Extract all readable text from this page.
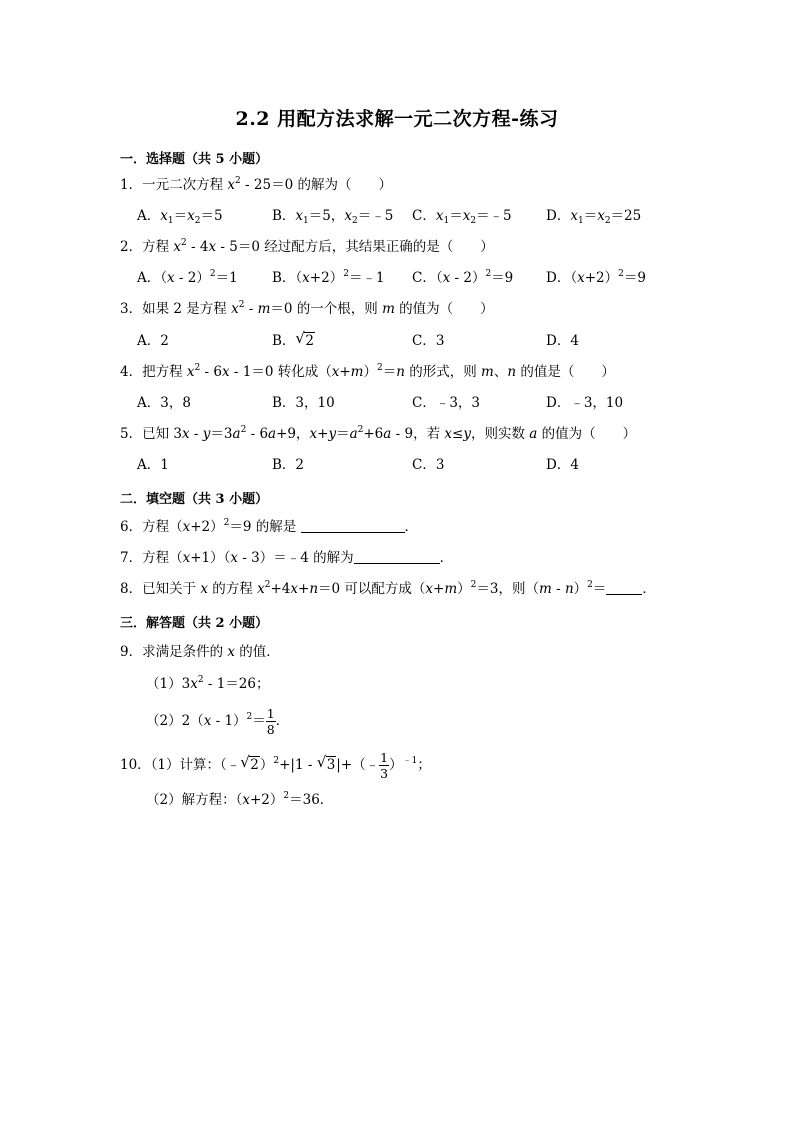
2.2 用配方法求解一元二次方程-练习
一．选择题（共 5 小题）
1．一元二次方程 $x^2 - 25=0$ 的解为（　　）
A．$x_1=x_2=5$	B．$x_1=5$，$x_2=﹣5$ C．$x_1=x_2=﹣5$	D．$x_1=x_2=25$
2．方程 $x^2 - 4x - 5=0$ 经过配方后，其结果正确的是（　　）
A．（x - 2）$^2$＝1	B．$(x+2)^2=﹣1$ C．（x - 2）$^2$＝9 D．$(x+2)^2=9$
3．如果 2 是方程 $x^2 - m=0$ 的一个根，则 m 的值为（　　）
A．2	B． √ 2	C．3	D．4
4．把方程 $x^2 - 6x - 1=0$ 转化成$(x+m)^2=n$ 的形式，则 m、n 的值是（　　）
A．3，8	B．3，10	C．﹣3，3	D．﹣3，10
5．已知 $3x - y=3a^2 - 6a+9$，$x+y=a^2+6a - 9$，若 x≤y，则实数 a 的值为（　　）
A．1	B．2	C．3	D．4
二．填空题（共 3 小题）
6．方程$(x+2)^2=9$ 的解是	．
7．方程（x+1）（x - 3）＝﹣4 的解为	．
8．已知关于 x 的方程 $x^2+4x+n=0$ 可以配方成$(x+m)^2=3$，则（m - n）$^2$＝	．
三．解答题（共 2 小题）
9．求满足条件的 x 的值．
$(1)3x^2 - 1=26$；
$(2)2(x - 1)^2= \frac{1}{8}$ ．
10．（1）计算：（﹣ √ 2）$^2$+|1 - √ 3|+（﹣ $\frac{1}{3} )^{﹣1}$；
（2）解方程：$(x+2)^2=36$．
